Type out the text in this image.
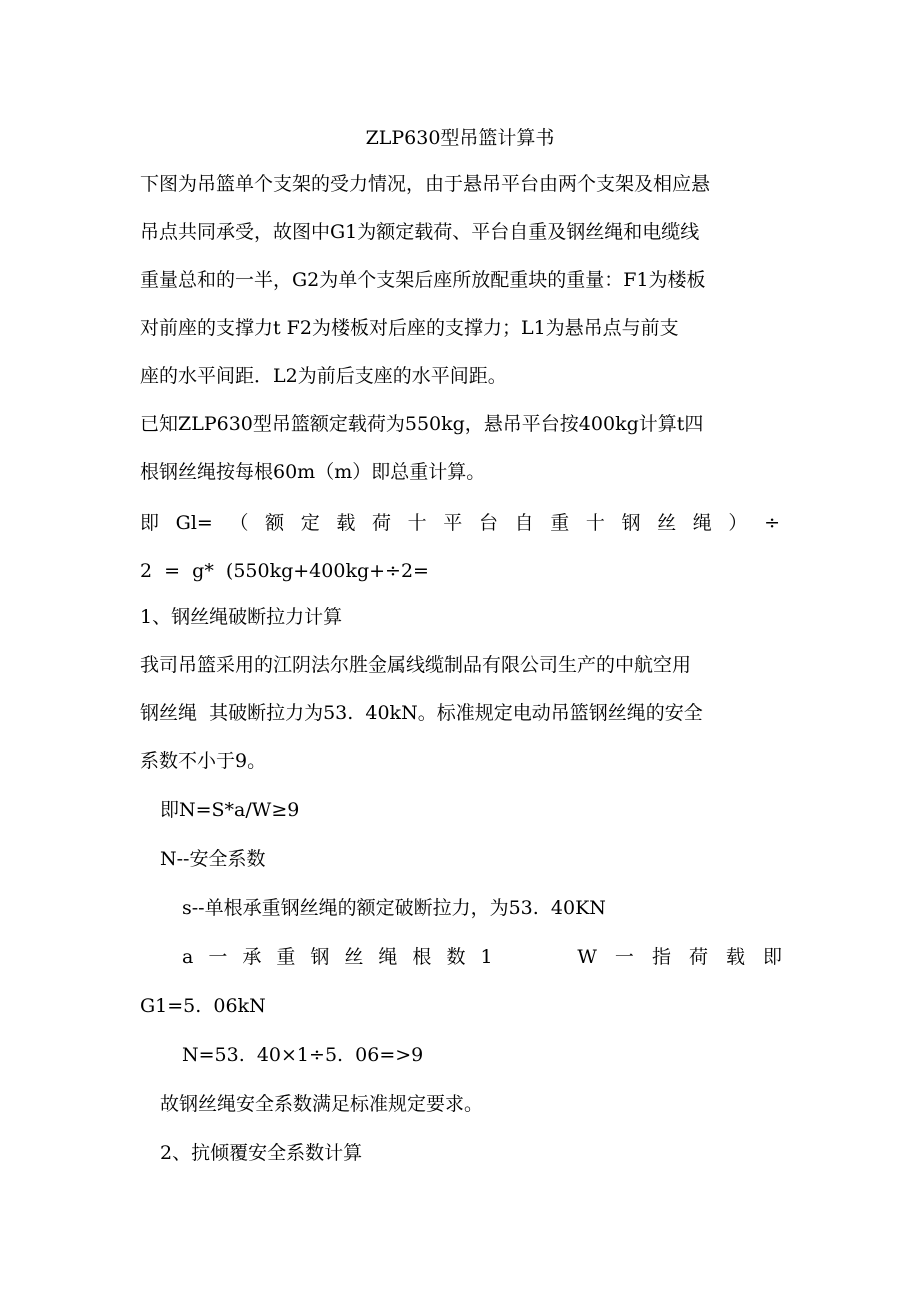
ZLP630型吊篮计算书
下图为吊篮单个支架的受力情况，由于悬吊平台由两个支架及相应悬
吊点共同承受，故图中G1为额定载荷、平台自重及钢丝绳和电缆线
重量总和的一半，G2为单个支架后座所放配重块的重量：F1为楼板
对前座的支撑力t F2为楼板对后座的支撑力；L1为悬吊点与前支
座的水平间距．L2为前后支座的水平间距。
已知ZLP630型吊篮额定载荷为550kg，悬吊平台按400kg计算t四
根钢丝绳按每根60m（m）即总重计算。
即 Gl= （ 额 定 载 荷 十 平 台 自 重 十 钢 丝 绳 ） ÷
2  =  g*  (550kg+400kg+÷2=
1、钢丝绳破断拉力计算
我司吊篮采用的江阴法尔胜金属线缆制品有限公司生产的中航空用
钢丝绳  其破断拉力为53.  40kN。标准规定电动吊篮钢丝绳的安全
系数不小于9。
即N=S*a/W≥9
N--安全系数
s--单根承重钢丝绳的额定破断拉力，为53.  40KN
a 一 承 重 钢 丝 绳 根 数 1	W 一 指 荷 载 即
G1=5.  06kN
N=53.  40×1÷5.  06=>9
故钢丝绳安全系数满足标准规定要求。
2、抗倾覆安全系数计算
